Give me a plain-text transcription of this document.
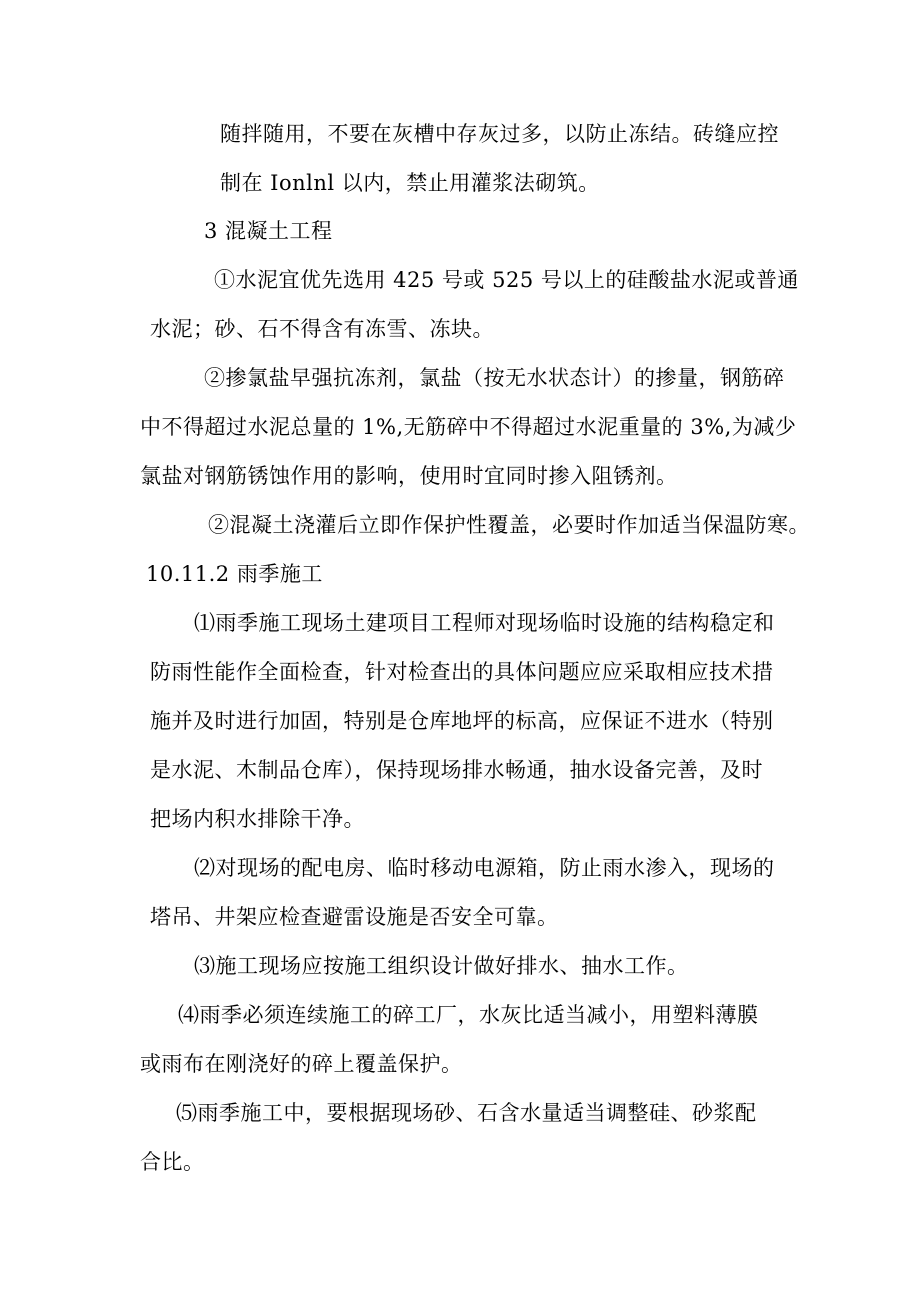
随拌随用，不要在灰槽中存灰过多，以防止冻结。砖缝应控
制在 Ionlnl 以内，禁止用灌浆法砌筑。
3 混凝土工程
①水泥宜优先选用 425 号或 525 号以上的硅酸盐水泥或普通
水泥；砂、石不得含有冻雪、冻块。
②掺氯盐早强抗冻剂，氯盐（按无水状态计）的掺量，钢筋碎
中不得超过水泥总量的 1%,无筋碎中不得超过水泥重量的 3%,为减少
氯盐对钢筋锈蚀作用的影响，使用时宜同时掺入阻锈剂。
②混凝土浇灌后立即作保护性覆盖，必要时作加适当保温防寒。
10.11.2 雨季施工
⑴雨季施工现场土建项目工程师对现场临时设施的结构稳定和
防雨性能作全面检查，针对检查出的具体问题应应采取相应技术措
施并及时进行加固，特别是仓库地坪的标高，应保证不进水（特别
是水泥、木制品仓库），保持现场排水畅通，抽水设备完善，及时
把场内积水排除干净。
⑵对现场的配电房、临时移动电源箱，防止雨水渗入，现场的
塔吊、井架应检查避雷设施是否安全可靠。
⑶施工现场应按施工组织设计做好排水、抽水工作。
⑷雨季必须连续施工的碎工厂，水灰比适当减小，用塑料薄膜
或雨布在刚浇好的碎上覆盖保护。
⑸雨季施工中，要根据现场砂、石含水量适当调整硅、砂浆配
合比。
